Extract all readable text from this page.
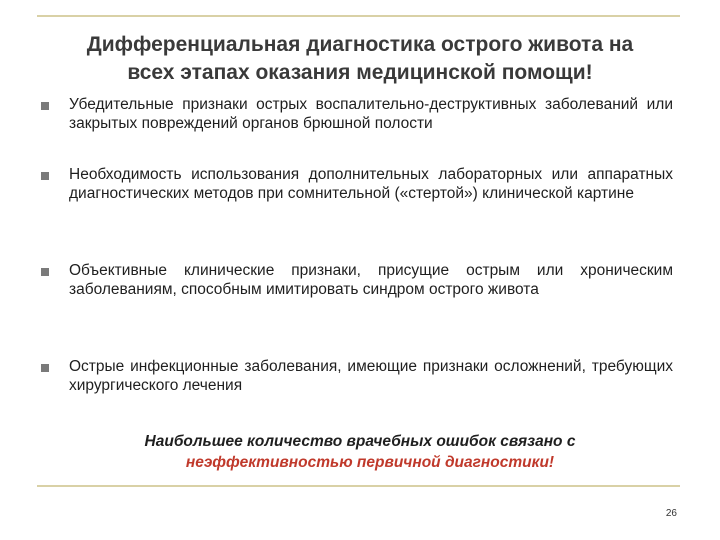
Дифференциальная диагностика острого живота на
всех этапах оказания медицинской помощи!
Убедительные признаки острых воспалительно-деструктивных заболеваний или закрытых повреждений органов брюшной полости
Необходимость использования дополнительных лабораторных или аппаратных диагностических методов при сомнительной («стертой») клинической картине
Объективные клинические признаки, присущие острым или хроническим заболеваниям, способным имитировать синдром острого живота
Острые инфекционные заболевания, имеющие признаки осложнений, требующих хирургического лечения
Наибольшее количество врачебных ошибок связано с
неэффективностью первичной диагностики!
26
